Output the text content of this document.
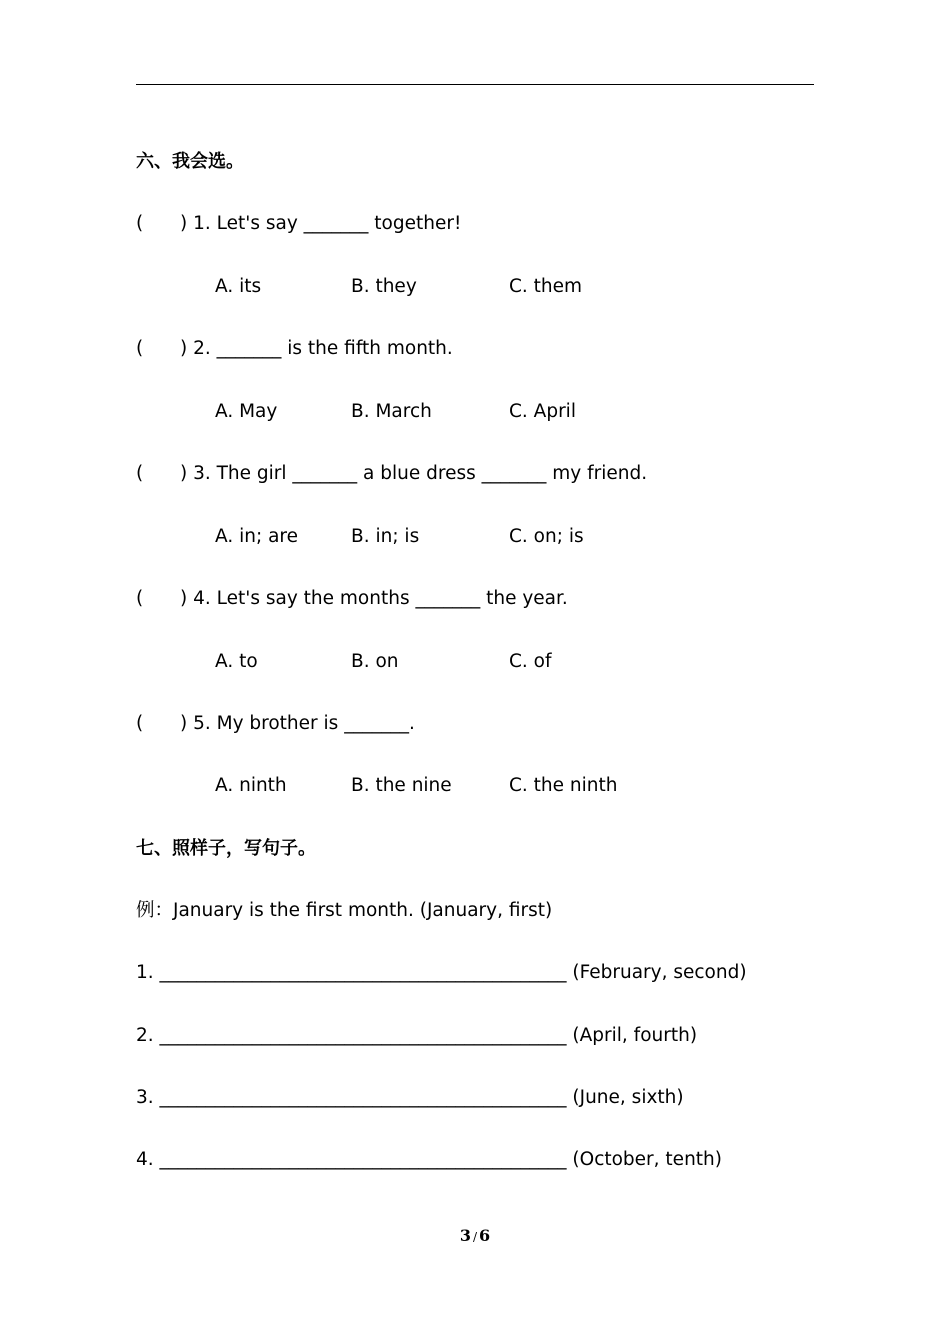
六、我会选。
( ) 1. Let's say _______ together!
A. its	B. they	C. them
( ) 2. _______ is the fifth month.
A. May	B. March	C. April
( ) 3. The girl _______ a blue dress _______ my friend.
A. in; are	B. in; is	C. on; is
( ) 4. Let's say the months _______ the year.
A. to	B. on	C. of
( ) 5. My brother is _______.
A. ninth	B. the nine	C. the ninth
七、照样子，写句子。
例：January is the first month. (January, first)
1. ____________________________________________ (February, second)
2. ____________________________________________ (April, fourth)
3. ____________________________________________ (June, sixth)
4. ____________________________________________ (October, tenth)
3 / 6
